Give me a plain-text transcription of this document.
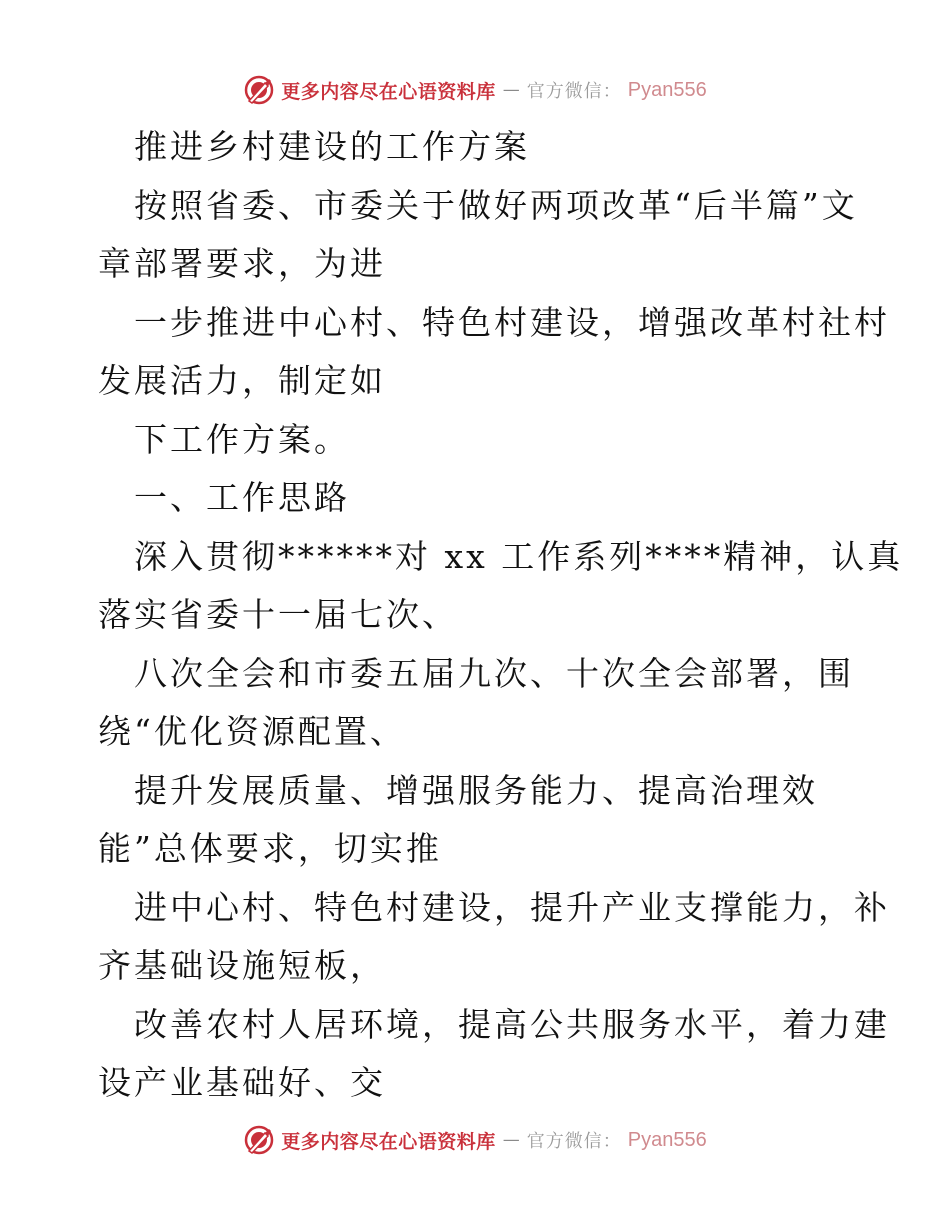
更多内容尽在心语资料库 — 官方微信： Pyan556
推进乡村建设的工作方案
按照省委、市委关于做好两项改革“后半篇”文
章部署要求，为进
一步推进中心村、特色村建设，增强改革村社村
发展活力，制定如
下工作方案。
一、工作思路
深入贯彻******对 xx 工作系列****精神，认真
落实省委十一届七次、
八次全会和市委五届九次、十次全会部署，围
绕“优化资源配置、
提升发展质量、增强服务能力、提高治理效
能”总体要求，切实推
进中心村、特色村建设，提升产业支撑能力，补
齐基础设施短板，
改善农村人居环境，提高公共服务水平，着力建
设产业基础好、交
更多内容尽在心语资料库 — 官方微信： Pyan556
